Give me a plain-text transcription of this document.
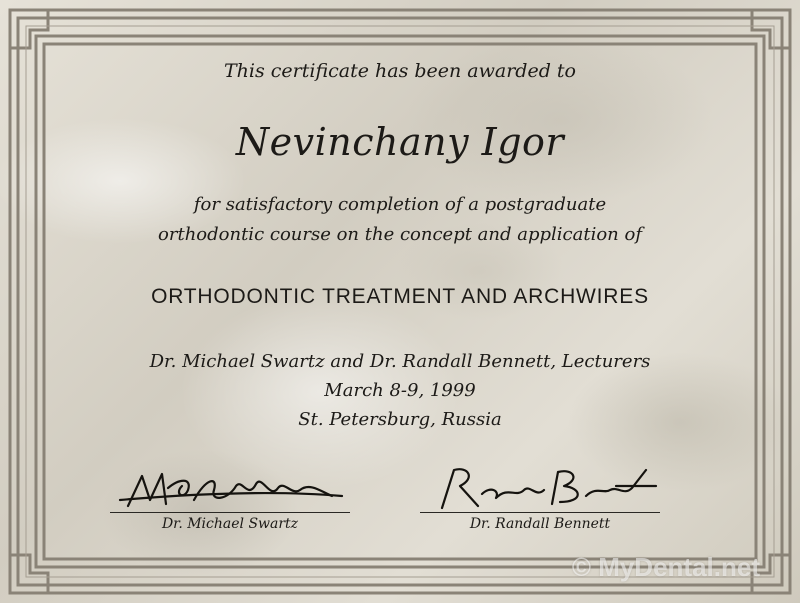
This certificate has been awarded to
Nevinchany Igor
for satisfactory completion of a postgraduate
orthodontic course on the concept and application of
ORTHODONTIC TREATMENT AND ARCHWIRES
Dr. Michael Swartz and Dr. Randall Bennett, Lecturers
March 8-9, 1999
St. Petersburg, Russia
Dr. Michael Swartz	Dr. Randall Bennett
© MyDental.net
